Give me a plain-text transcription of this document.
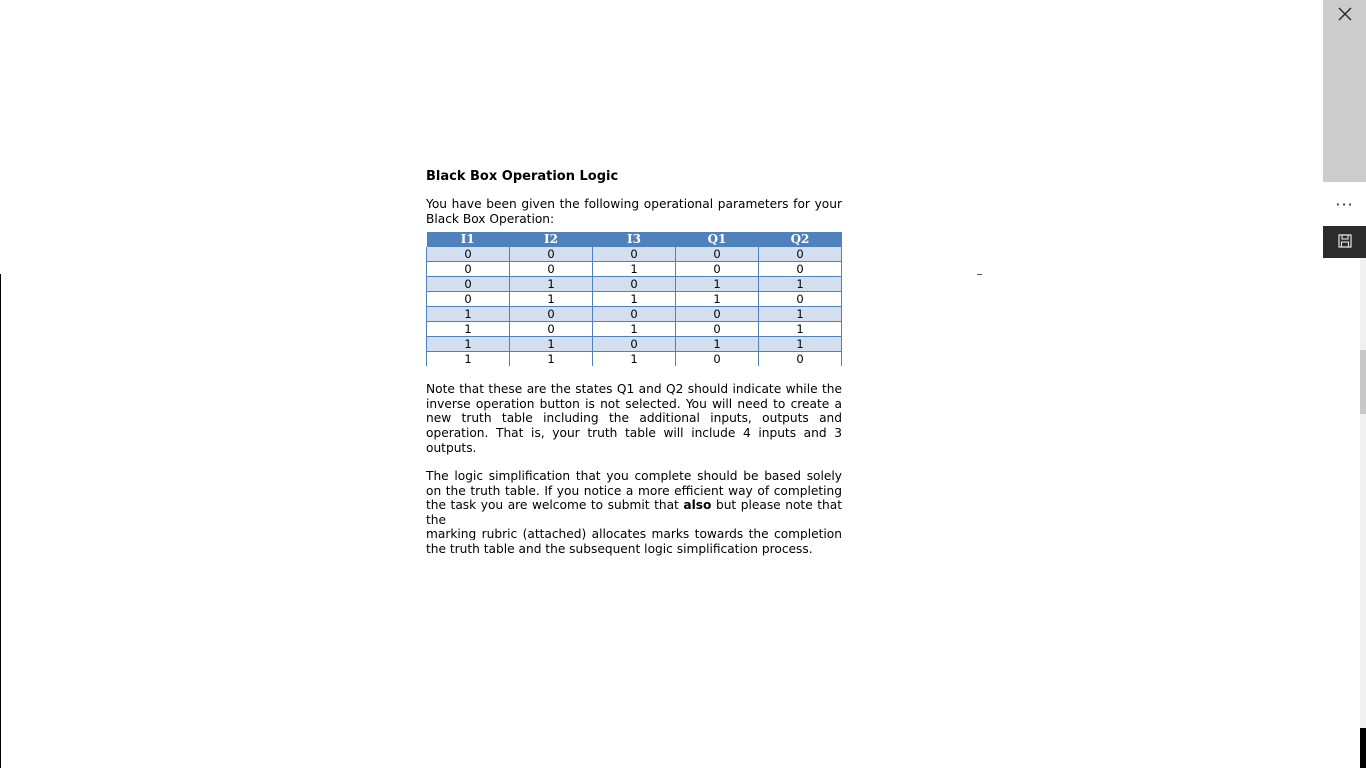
Black Box Operation Logic

You have been given the following operational parameters for your Black Box Operation:

I1	I2	I3	Q1	Q2
0	0	0	0	0
0	0	1	0	0
0	1	0	1	1
0	1	1	1	0
1	0	0	0	1
1	0	1	0	1
1	1	0	1	1
1	1	1	0	0

Note that these are the states Q1 and Q2 should indicate while the inverse operation button is not selected. You will need to create a new truth table including the additional inputs, outputs and operation. That is, your truth table will include 4 inputs and 3 outputs.

The logic simplification that you complete should be based solely on the truth table. If you notice a more efficient way of completing the task you are welcome to submit that also but please note that the marking rubric (attached) allocates marks towards the completion the truth table and the subsequent logic simplification process.

···
